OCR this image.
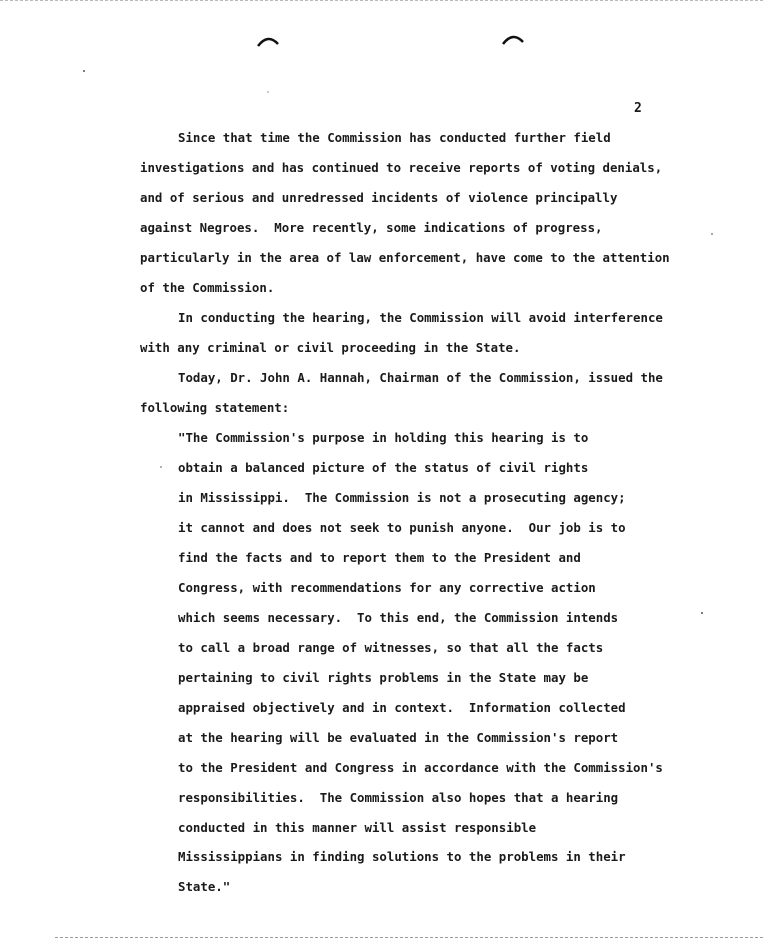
2
Since that time the Commission has conducted further field
investigations and has continued to receive reports of voting denials,
and of serious and unredressed incidents of violence principally
against Negroes.  More recently, some indications of progress,
particularly in the area of law enforcement, have come to the attention
of the Commission.
In conducting the hearing, the Commission will avoid interference
with any criminal or civil proceeding in the State.
Today, Dr. John A. Hannah, Chairman of the Commission, issued the
following statement:
"The Commission's purpose in holding this hearing is to
obtain a balanced picture of the status of civil rights
in Mississippi.  The Commission is not a prosecuting agency;
it cannot and does not seek to punish anyone.  Our job is to
find the facts and to report them to the President and
Congress, with recommendations for any corrective action
which seems necessary.  To this end, the Commission intends
to call a broad range of witnesses, so that all the facts
pertaining to civil rights problems in the State may be
appraised objectively and in context.  Information collected
at the hearing will be evaluated in the Commission's report
to the President and Congress in accordance with the Commission's
responsibilities.  The Commission also hopes that a hearing
conducted in this manner will assist responsible
Mississippians in finding solutions to the problems in their
State."
